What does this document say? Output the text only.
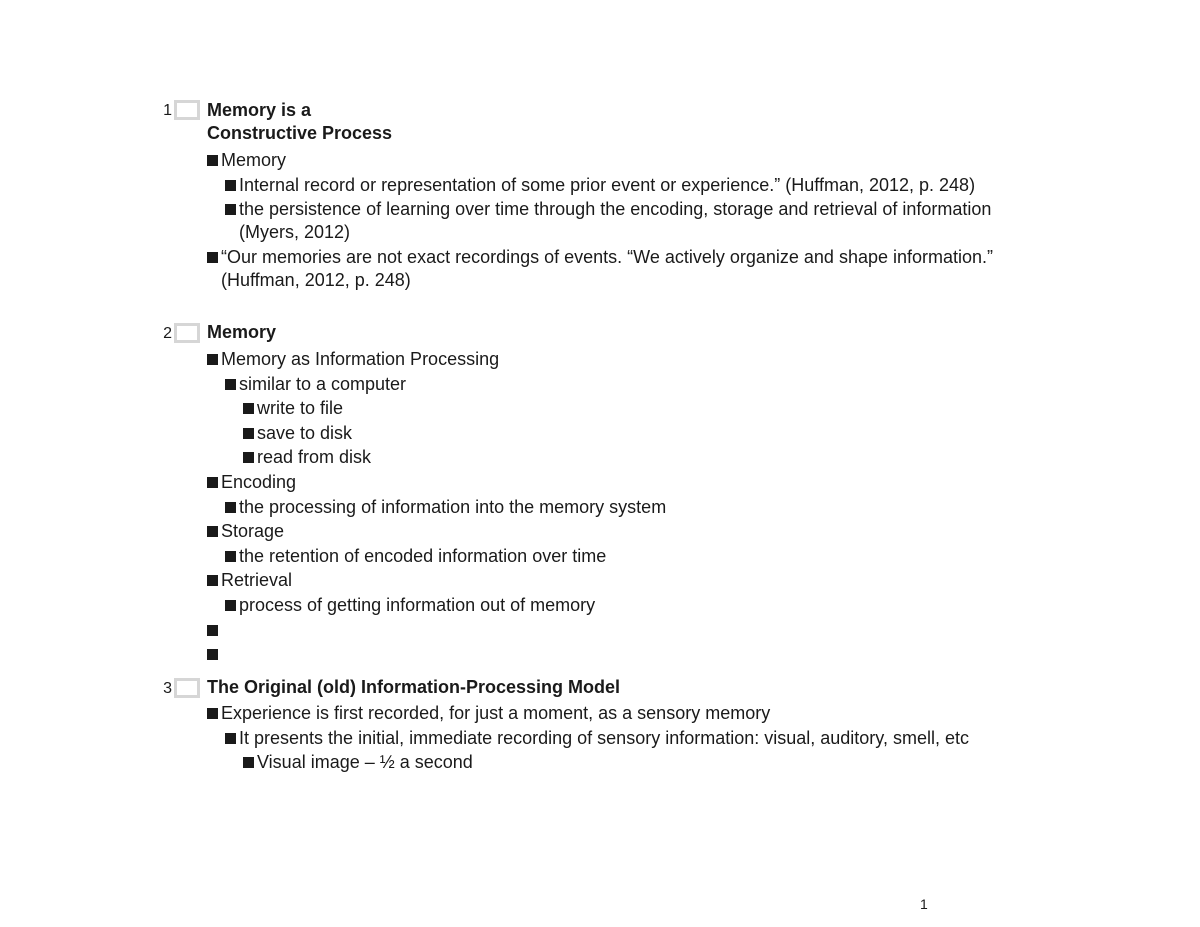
1 Memory is a
Constructive Process
Memory
Internal record or representation of some prior event or experience.” (Huffman, 2012, p. 248)
the persistence of learning over time through the encoding, storage and retrieval of information (Myers, 2012)
“Our memories are not exact recordings of events. “We actively organize and shape information.” (Huffman, 2012, p. 248)
2 Memory
Memory as Information Processing
similar to a computer
write to file
save to disk
read from disk
Encoding
the processing of information into the memory system
Storage
the retention of encoded information over time
Retrieval
process of getting information out of memory
3 The Original (old) Information-Processing Model
Experience is first recorded, for just a moment, as a sensory memory
It presents the initial, immediate recording of sensory information: visual, auditory, smell, etc
Visual image – ½ a second
1
